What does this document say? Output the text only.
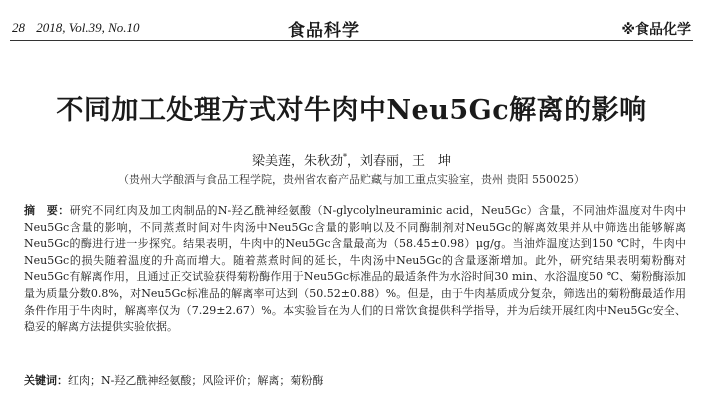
28 2018, Vol.39, No.10	食品科学	※食品化学
不同加工处理方式对牛肉中Neu5Gc解离的影响
梁美莲，朱秋劲*，刘春丽，王　坤
（贵州大学酿酒与食品工程学院，贵州省农畜产品贮藏与加工重点实验室，贵州 贵阳 550025）

摘　要：研究不同红肉及加工肉制品的N-羟乙酰神经氨酸（N-glycolylneuraminic acid，Neu5Gc）含量，不同油炸温度对牛肉中Neu5Gc含量的影响，不同蒸煮时间对牛肉汤中Neu5Gc含量的影响以及不同酶制剂对Neu5Gc的解离效果并从中筛选出能够解离Neu5Gc的酶进行进一步探究。结果表明，牛肉中的Neu5Gc含量最高为（58.45±0.98）μg/g。当油炸温度达到150 ℃时，牛肉中Neu5Gc的损失随着温度的升高而增大。随着蒸煮时间的延长，牛肉汤中Neu5Gc的含量逐渐增加。此外，研究结果表明菊粉酶对Neu5Gc有解离作用，且通过正交试验获得菊粉酶作用于Neu5Gc标准品的最适条件为水浴时间30 min、水浴温度50 ℃、菊粉酶添加量为质量分数0.8%，对Neu5Gc标准品的解离率可达到（50.52±0.88）%。但是，由于牛肉基质成分复杂，筛选出的菊粉酶最适作用条件作用于牛肉时，解离率仅为（7.29±2.67）%。本实验旨在为人们的日常饮食提供科学指导，并为后续开展红肉中Neu5Gc安全、稳妥的解离方法提供实验依据。

关键词：红肉；N-羟乙酰神经氨酸；风险评价；解离；菊粉酶
